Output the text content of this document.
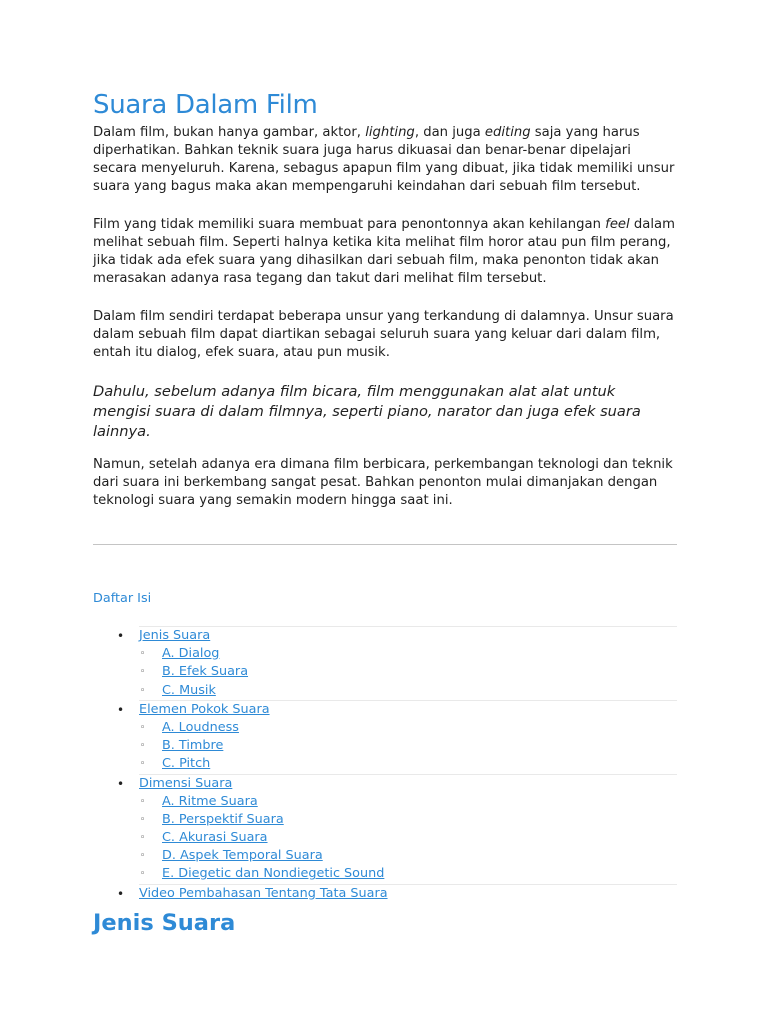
Suara Dalam Film

Dalam film, bukan hanya gambar, aktor, lighting, dan juga editing saja yang harus diperhatikan. Bahkan teknik suara juga harus dikuasai dan benar-benar dipelajari secara menyeluruh. Karena, sebagus apapun film yang dibuat, jika tidak memiliki unsur suara yang bagus maka akan mempengaruhi keindahan dari sebuah film tersebut.

Film yang tidak memiliki suara membuat para penontonnya akan kehilangan feel dalam melihat sebuah film. Seperti halnya ketika kita melihat film horor atau pun film perang, jika tidak ada efek suara yang dihasilkan dari sebuah film, maka penonton tidak akan merasakan adanya rasa tegang dan takut dari melihat film tersebut.

Dalam film sendiri terdapat beberapa unsur yang terkandung di dalamnya. Unsur suara dalam sebuah film dapat diartikan sebagai seluruh suara yang keluar dari dalam film, entah itu dialog, efek suara, atau pun musik.

Dahulu, sebelum adanya film bicara, film menggunakan alat alat untuk mengisi suara di dalam filmnya, seperti piano, narator dan juga efek suara lainnya.

Namun, setelah adanya era dimana film berbicara, perkembangan teknologi dan teknik dari suara ini berkembang sangat pesat. Bahkan penonton mulai dimanjakan dengan teknologi suara yang semakin modern hingga saat ini.

Daftar Isi
• Jenis Suara
◦ A. Dialog
◦ B. Efek Suara
◦ C. Musik
• Elemen Pokok Suara
◦ A. Loudness
◦ B. Timbre
◦ C. Pitch
• Dimensi Suara
◦ A. Ritme Suara
◦ B. Perspektif Suara
◦ C. Akurasi Suara
◦ D. Aspek Temporal Suara
◦ E. Diegetic dan Nondiegetic Sound
• Video Pembahasan Tentang Tata Suara
Jenis Suara
